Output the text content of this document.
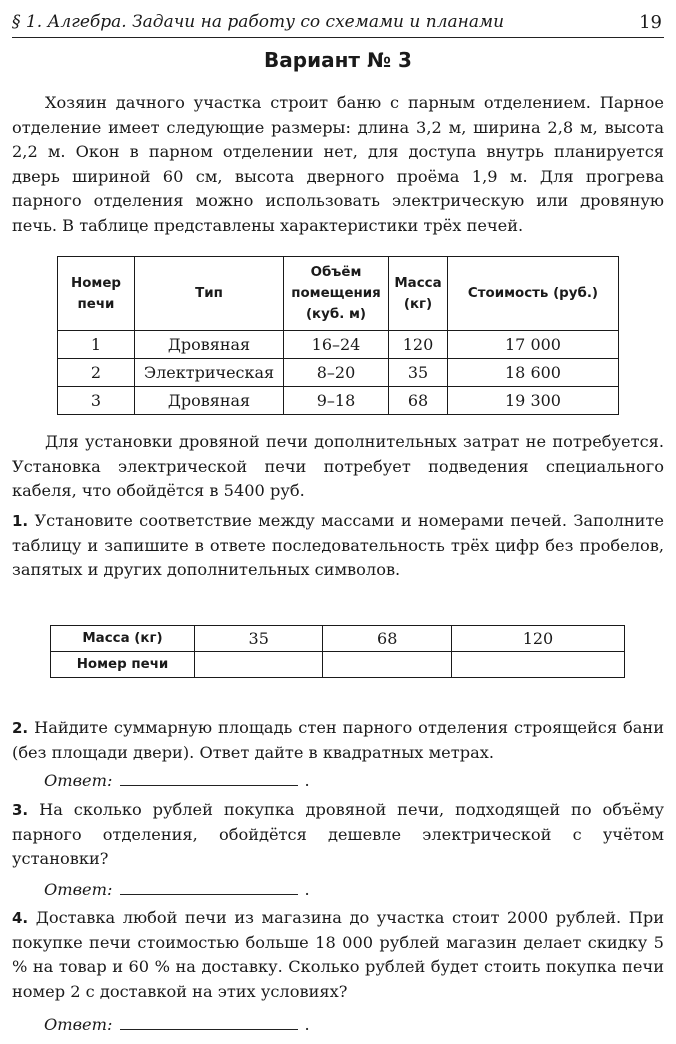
§ 1. Алгебра. Задачи на работу со схемами и планами	19
Вариант № 3

Хозяин дачного участка строит баню с парным отделением. Парное отделение имеет следующие размеры: длина 3,2 м, ширина 2,8 м, высота 2,2 м. Окон в парном отделении нет, для доступа внутрь планируется дверь шириной 60 см, высота дверного проёма 1,9 м. Для прогрева парного отделения можно использовать электрическую или дровяную печь. В таблице представлены характеристики трёх печей.

Номер печи	Тип	Объём помещения (куб. м)	Масса (кг)	Стоимость (руб.)
1	Дровяная	16–24	120	17 000
2	Электрическая	8–20	35	18 600
3	Дровяная	9–18	68	19 300

Для установки дровяной печи дополнительных затрат не потребуется. Установка электрической печи потребует подведения специального кабеля, что обойдётся в 5400 руб.

1. Установите соответствие между массами и номерами печей. Заполните таблицу и запишите в ответе последовательность трёх цифр без пробелов, запятых и других дополнительных символов.

Масса (кг)	35	68	120
Номер печи			

2. Найдите суммарную площадь стен парного отделения строящейся бани (без площади двери). Ответ дайте в квадратных метрах.

Ответ:	.

3. На сколько рублей покупка дровяной печи, подходящей по объёму парного отделения, обойдётся дешевле электрической с учётом установки?

Ответ:	.

4. Доставка любой печи из магазина до участка стоит 2000 рублей. При покупке печи стоимостью больше 18 000 рублей магазин делает скидку 5 % на товар и 60 % на доставку. Сколько рублей будет стоить покупка печи номер 2 с доставкой на этих условиях?

Ответ:	.
